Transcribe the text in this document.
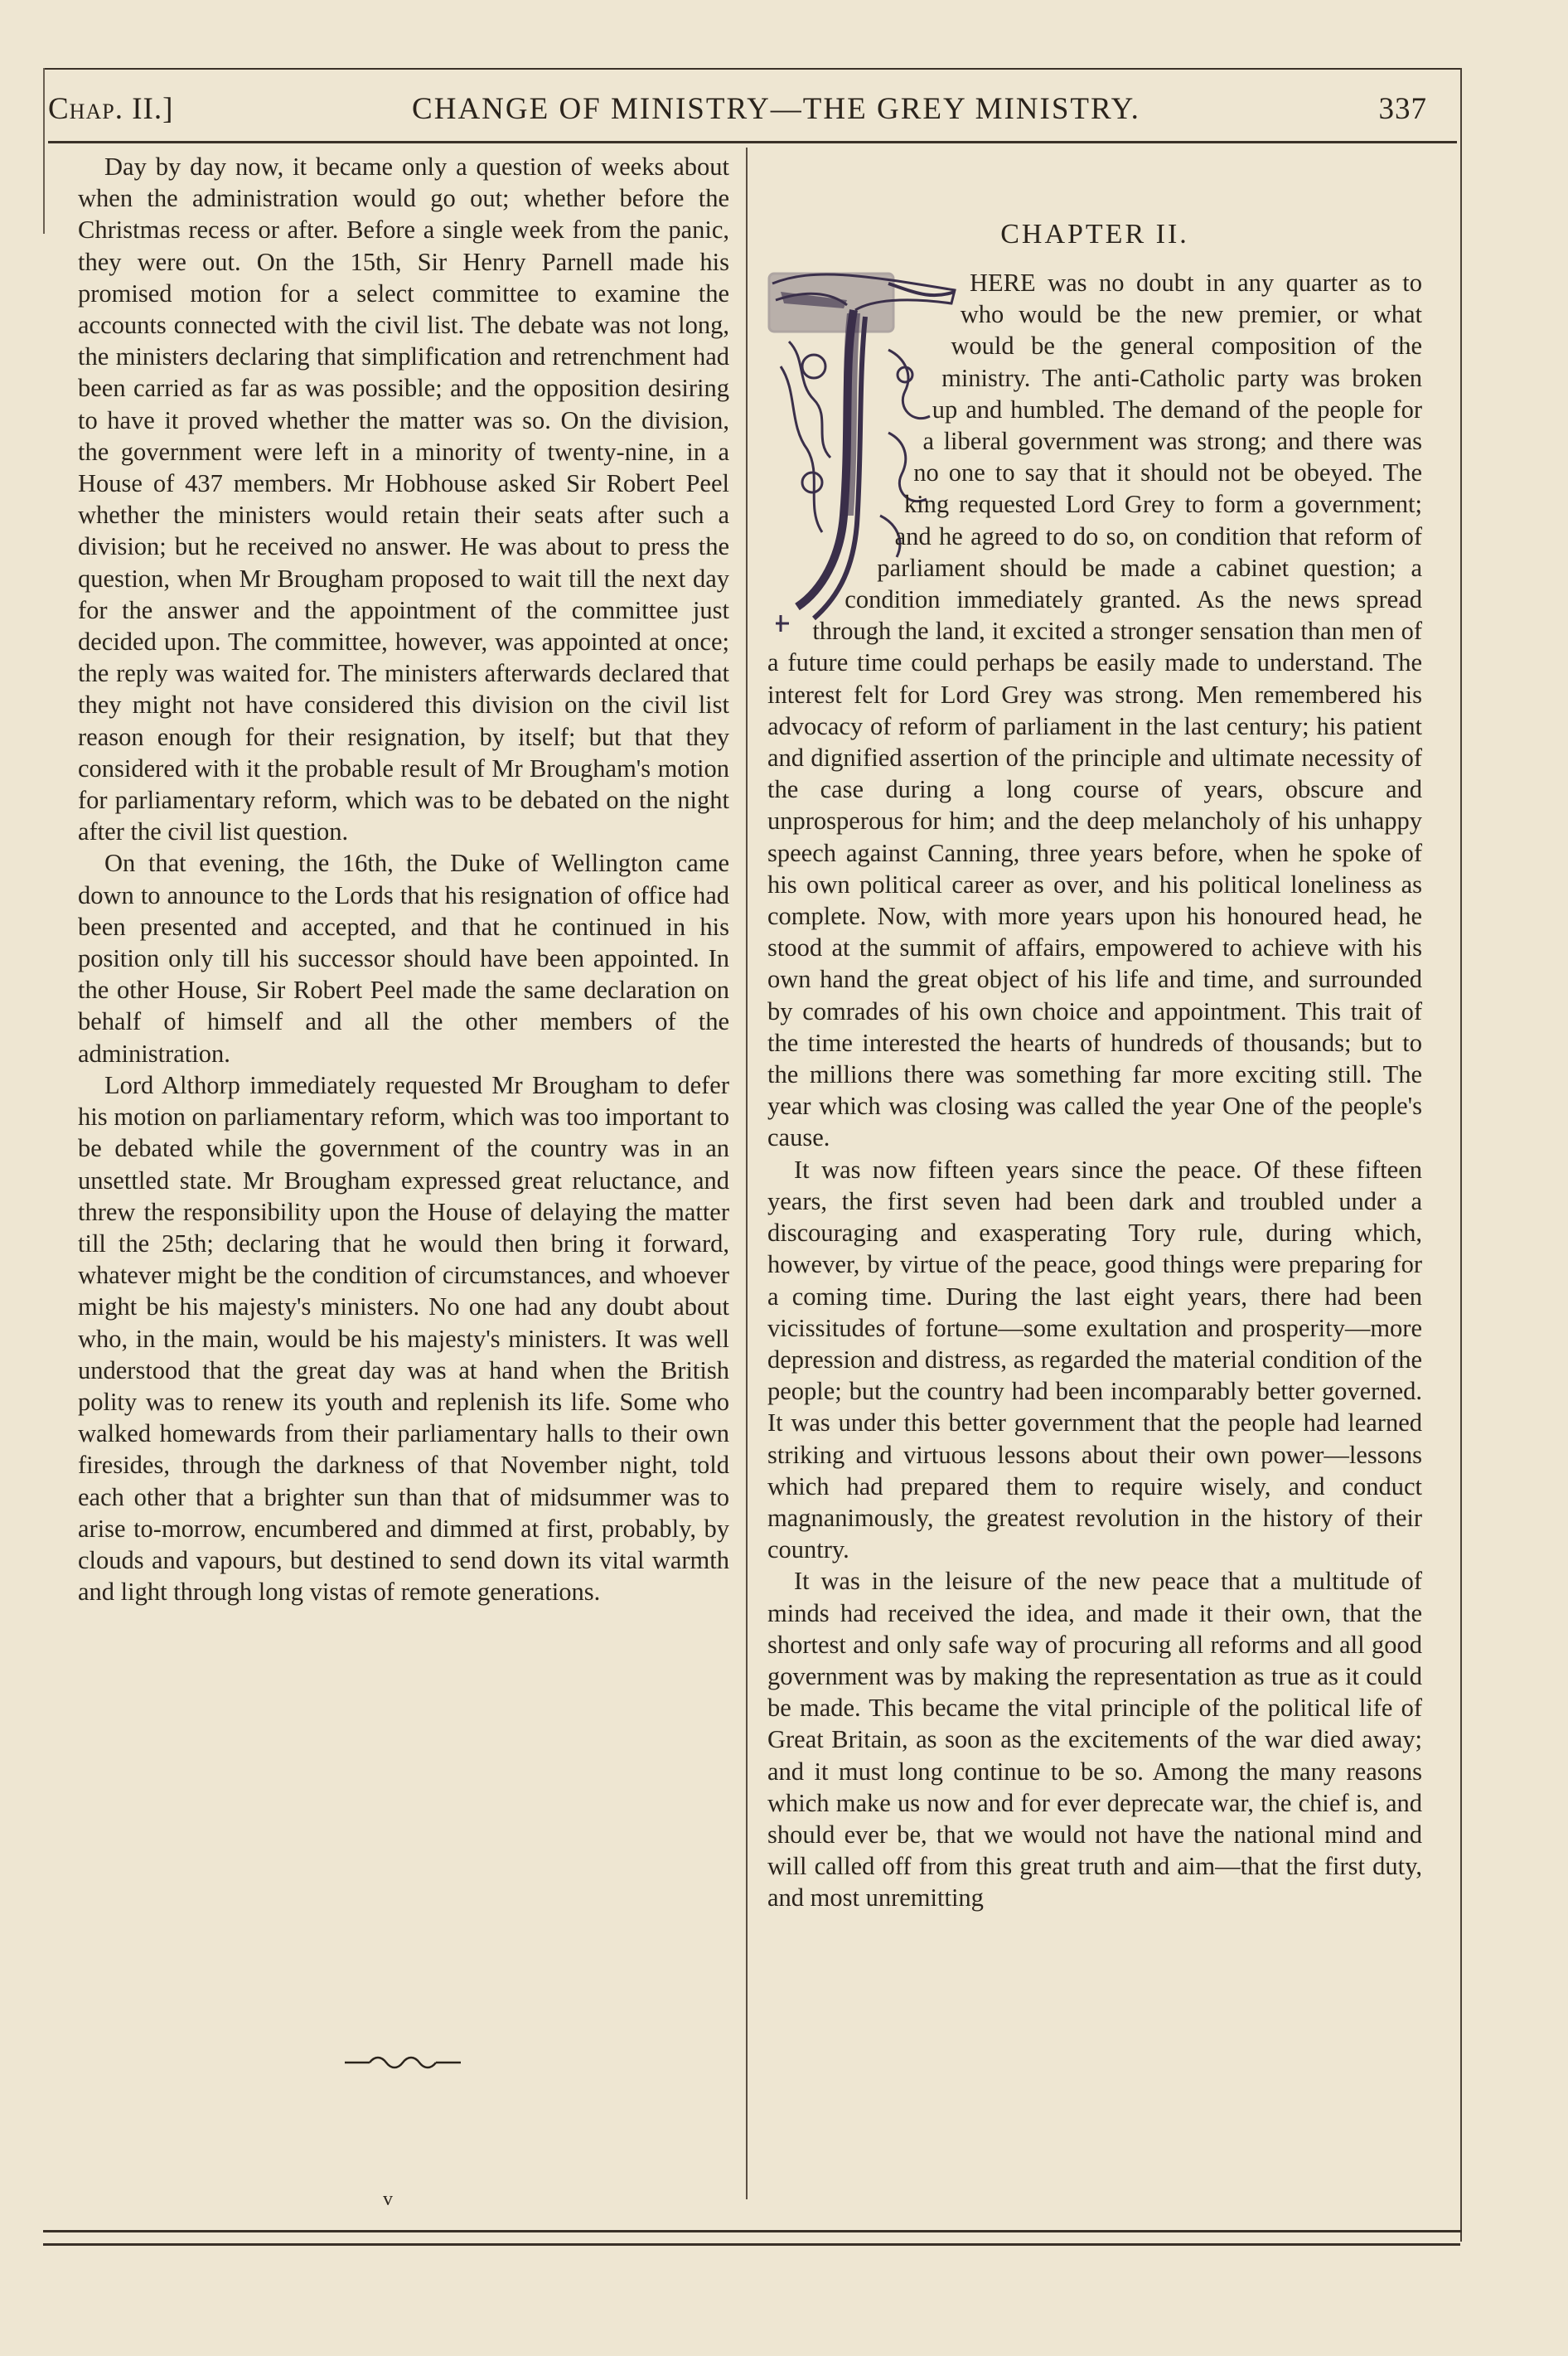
Chap. II.]	CHANGE OF MINISTRY—THE GREY MINISTRY.	337

Day by day now, it became only a question of weeks about when the administration would go out; whether before the Christmas recess or after. Before a single week from the panic, they were out. On the 15th, Sir Henry Parnell made his promised motion for a select committee to examine the accounts connected with the civil list. The debate was not long, the ministers declaring that simplification and retrenchment had been carried as far as was possible; and the opposition desiring to have it proved whether the matter was so. On the division, the government were left in a minority of twenty-nine, in a House of 437 members. Mr Hobhouse asked Sir Robert Peel whether the ministers would retain their seats after such a division; but he received no answer. He was about to press the question, when Mr Brougham proposed to wait till the next day for the answer and the appointment of the committee just decided upon. The committee, however, was appointed at once; the reply was waited for. The ministers afterwards declared that they might not have considered this division on the civil list reason enough for their resignation, by itself; but that they considered with it the probable result of Mr Brougham's motion for parliamentary reform, which was to be debated on the night after the civil list question.

On that evening, the 16th, the Duke of Wellington came down to announce to the Lords that his resignation of office had been presented and accepted, and that he continued in his position only till his successor should have been appointed. In the other House, Sir Robert Peel made the same declaration on behalf of himself and all the other members of the administration.

Lord Althorp immediately requested Mr Brougham to defer his motion on parliamentary reform, which was too important to be debated while the government of the country was in an unsettled state. Mr Brougham expressed great reluctance, and threw the responsibility upon the House of delaying the matter till the 25th; declaring that he would then bring it forward, whatever might be the condition of circumstances, and whoever might be his majesty's ministers. No one had any doubt about who, in the main, would be his majesty's ministers. It was well understood that the great day was at hand when the British polity was to renew its youth and replenish its life. Some who walked homewards from their parliamentary halls to their own firesides, through the darkness of that November night, told each other that a brighter sun than that of midsummer was to arise to-morrow, encumbered and dimmed at first, probably, by clouds and vapours, but destined to send down its vital warmth and light through long vistas of remote generations.

CHAPTER II.

HERE was no doubt in any quarter as to who would be the new premier, or what would be the general composition of the ministry. The anti-Catholic party was broken up and humbled. The demand of the people for a liberal government was strong; and there was no one to say that it should not be obeyed. The king requested Lord Grey to form a government; and he agreed to do so, on condition that reform of parliament should be made a cabinet question; a condition immediately granted. As the news spread through the land, it excited a stronger sensation than men of a future time could perhaps be easily made to understand. The interest felt for Lord Grey was strong. Men remembered his advocacy of reform of parliament in the last century; his patient and dignified assertion of the principle and ultimate necessity of the case during a long course of years, obscure and unprosperous for him; and the deep melancholy of his unhappy speech against Canning, three years before, when he spoke of his own political career as over, and his political loneliness as complete. Now, with more years upon his honoured head, he stood at the summit of affairs, empowered to achieve with his own hand the great object of his life and time, and surrounded by comrades of his own choice and appointment. This trait of the time interested the hearts of hundreds of thousands; but to the millions there was something far more exciting still. The year which was closing was called the year One of the people's cause.

It was now fifteen years since the peace. Of these fifteen years, the first seven had been dark and troubled under a discouraging and exasperating Tory rule, during which, however, by virtue of the peace, good things were preparing for a coming time. During the last eight years, there had been vicissitudes of fortune—some exultation and prosperity—more depression and distress, as regarded the material condition of the people; but the country had been incomparably better governed. It was under this better government that the people had learned striking and virtuous lessons about their own power—lessons which had prepared them to require wisely, and conduct magnanimously, the greatest revolution in the history of their country.

It was in the leisure of the new peace that a multitude of minds had received the idea, and made it their own, that the shortest and only safe way of procuring all reforms and all good government was by making the representation as true as it could be made. This became the vital principle of the political life of Great Britain, as soon as the excitements of the war died away; and it must long continue to be so. Among the many reasons which make us now and for ever deprecate war, the chief is, and should ever be, that we would not have the national mind and will called off from this great truth and aim—that the first duty, and most unremitting

v
